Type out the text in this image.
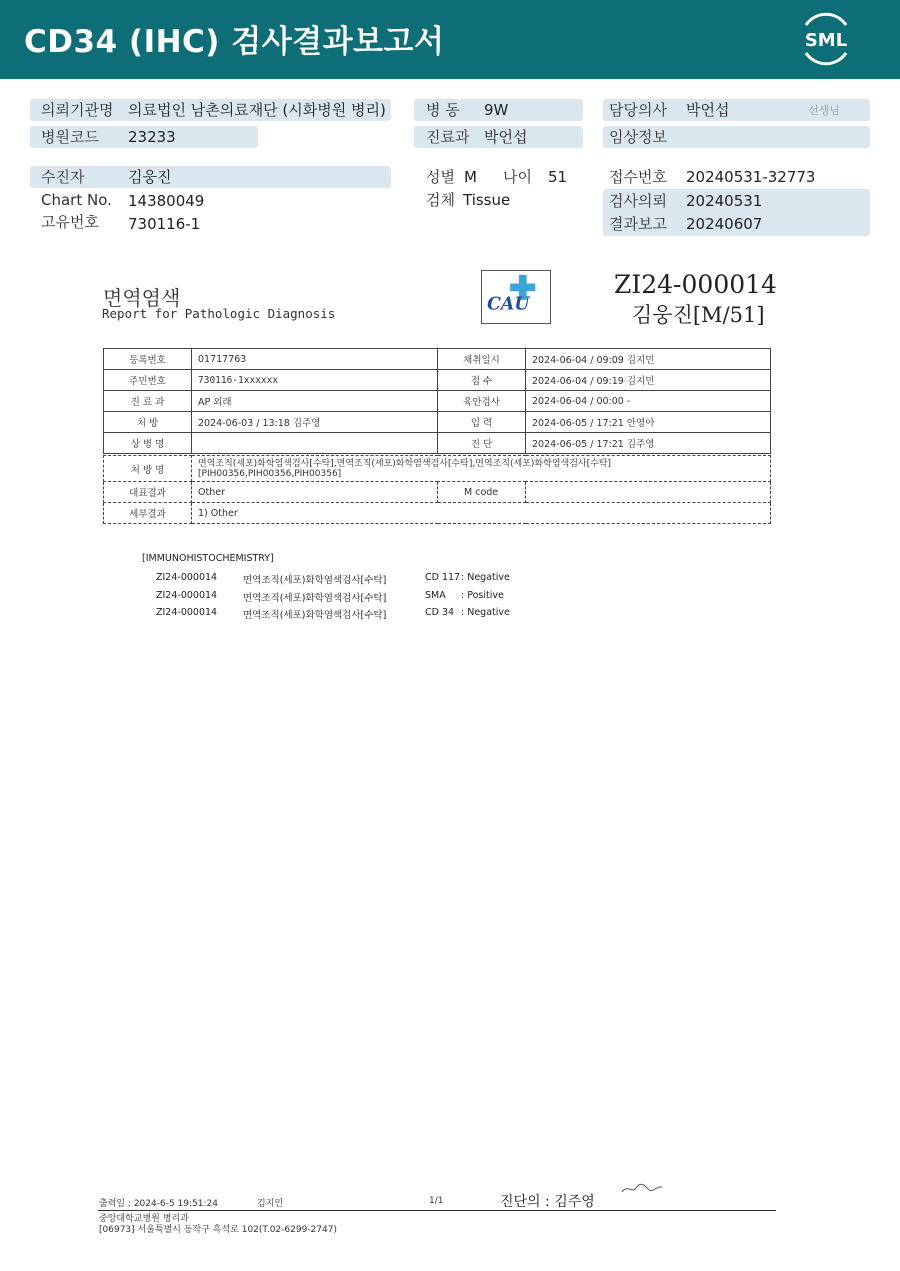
CD34 (IHC) 검사결과보고서	SML
의뢰기관명 의료법인 남촌의료재단 (시화병원 병리)
병원코드 23233
병 동 9W
진료과 박언섭
담당의사 박언섭	선생님
임상정보
수진자	김웅진
Chart No. 14380049
고유번호 730116-1
성별 M 나이 51
검체 Tissue
접수번호 20240531-32773
검사의뢰 20240531
결과보고 20240607
면역염색
Report for Pathologic Diagnosis	CAU
ZI24-000014
김웅진[M/51]
등록번호	01717763	채취일시	2024-06-04 / 09:09 김지민
주민번호	730116-1xxxxxx	접 수	2024-06-04 / 09:19 김지민
진 료 과	AP 외래	육안검사	2024-06-04 / 00:00 -
처 방	2024-06-03 / 13:18 김주영	입 력	2024-06-05 / 17:21 안영아
상 병 명		진 단	2024-06-05 / 17:21 김주영
처 방 명	면역조직(세포)화학염색검사[수탁],면역조직(세포)화학염색검사[수탁],면역조직(세포)화학염색검사[수탁]
[PIH00356,PIH00356,PIH00356]		

대표결과	Other	M code	
세부결과	1) Other		
[IMMUNOHISTOCHEMISTRY]
ZI24-000014	면역조직(세포)화학염색검사[수탁]	CD 117 : Negative
ZI24-000014	면역조직(세포)화학염색검사[수탁]	SMA : Positive
ZI24-000014	면역조직(세포)화학염색검사[수탁]	CD 34 : Negative
출력일 : 2024-6-5 19:51:24	김지민	1/1	진단의 : 김주영
중앙대학교병원 병리과
[06973] 서울특별시 동작구 흑석로 102(T.02-6299-2747)
